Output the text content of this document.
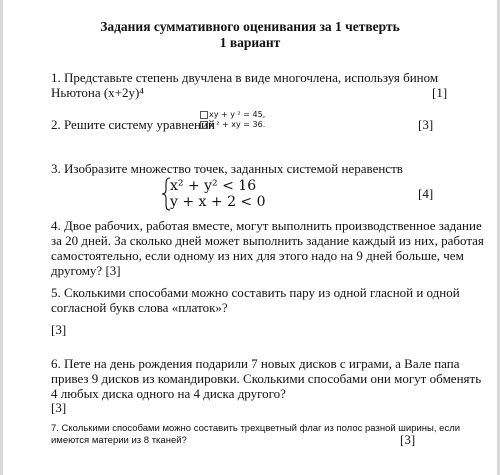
Задания суммативного оценивания за 1 четверть
1 вариант
1. Представьте степень двучлена в виде многочлена, используя бином
Ньютона (x+2y)⁴	[1]
2. Решите систему уравнений
xy + y ² = 45,
x ² + xy = 36.	[3]
3. Изобразите множество точек, заданных системой неравенств
x² + y² < 16
y + x + 2 < 0
[4]
4. Двое рабочих, работая вместе, могут выполнить производственное задание
за 20 дней. За сколько дней может выполнить задание каждый из них, работая
самостоятельно, если одному из них для этого надо на 9 дней больше, чем
другому? [3]
5. Сколькими способами можно составить пару из одной гласной и одной
согласной букв слова «платок»?
[3]
6. Пете на день рождения подарили 7 новых дисков с играми, а Вале папа
привез 9 дисков из командировки. Сколькими способами они могут обменять
4 любых диска одного на 4 диска другого?
[3]
7. Сколькими способами можно составить трехцветный флаг из полос разной ширины, если
имеются материи из 8 тканей?	[3]
